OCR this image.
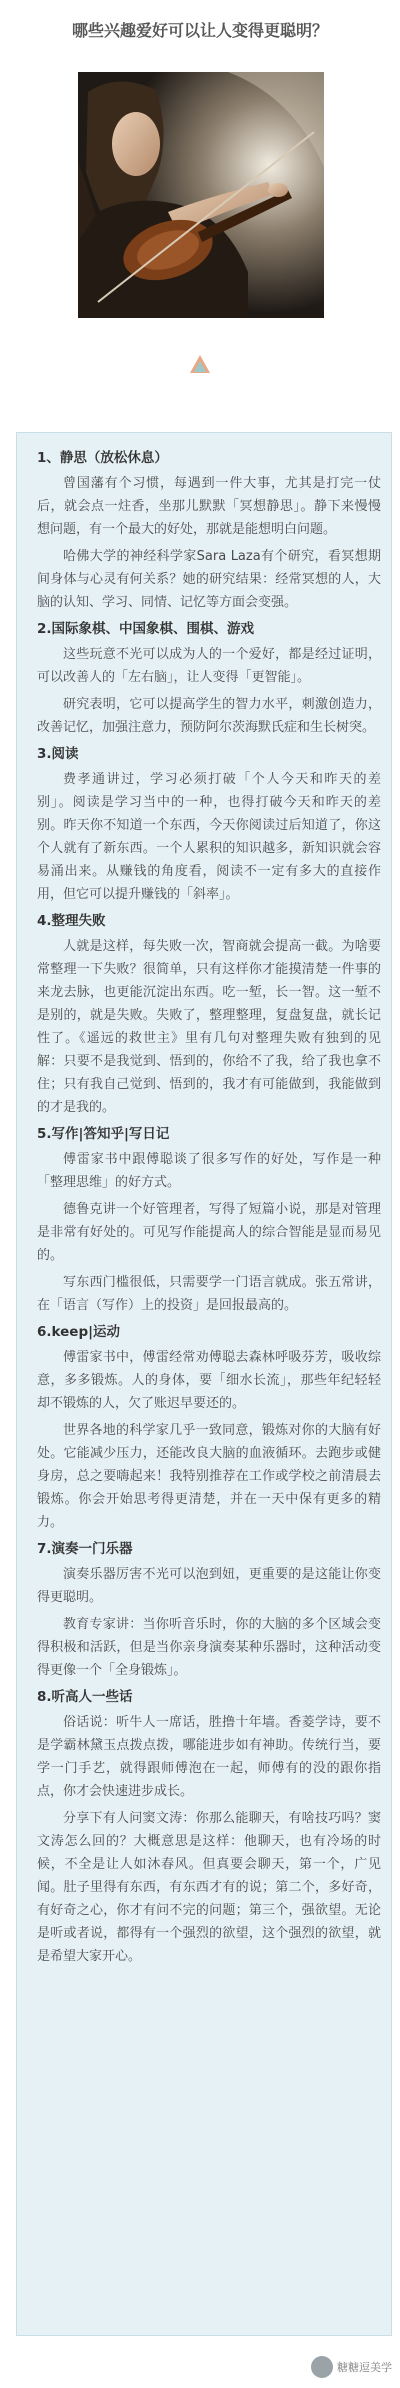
哪些兴趣爱好可以让人变得更聪明？
1、静思（放松休息）

曾国藩有个习惯，每遇到一件大事，尤其是打完一仗后，就会点一炷香，坐那儿默默「冥想静思」。静下来慢慢想问题，有一个最大的好处，那就是能想明白问题。

哈佛大学的神经科学家Sara Laza有个研究，看冥想期间身体与心灵有何关系？她的研究结果：经常冥想的人，大脑的认知、学习、同情、记忆等方面会变强。

2.国际象棋、中国象棋、围棋、游戏

这些玩意不光可以成为人的一个爱好，都是经过证明，可以改善人的「左右脑」，让人变得「更智能」。

研究表明，它可以提高学生的智力水平，刺激创造力，改善记忆，加强注意力，预防阿尔茨海默氏症和生长树突。

3.阅读

费孝通讲过，学习必须打破「个人今天和昨天的差别」。阅读是学习当中的一种，也得打破今天和昨天的差别。昨天你不知道一个东西，今天你阅读过后知道了，你这个人就有了新东西。一个人累积的知识越多，新知识就会容易涌出来。从赚钱的角度看，阅读不一定有多大的直接作用，但它可以提升赚钱的「斜率」。

4.整理失败

人就是这样，每失败一次，智商就会提高一截。为啥要常整理一下失败？很简单，只有这样你才能摸清楚一件事的来龙去脉，也更能沉淀出东西。吃一堑，长一智。这一堑不是别的，就是失败。失败了，整理整理，复盘复盘，就长记性了。《遥远的救世主》里有几句对整理失败有独到的见解：只要不是我觉到、悟到的，你给不了我，给了我也拿不住；只有我自己觉到、悟到的，我才有可能做到，我能做到的才是我的。

5.写作|答知乎|写日记

傅雷家书中跟傅聪谈了很多写作的好处，写作是一种「整理思维」的好方式。

德鲁克讲一个好管理者，写得了短篇小说，那是对管理是非常有好处的。可见写作能提高人的综合智能是显而易见的。

写东西门槛很低，只需要学一门语言就成。张五常讲，在「语言（写作）上的投资」是回报最高的。

6.keep|运动

傅雷家书中，傅雷经常劝傅聪去森林呼吸芬芳，吸收综意，多多锻炼。人的身体，要「细水长流」，那些年纪轻轻却不锻炼的人，欠了账迟早要还的。

世界各地的科学家几乎一致同意，锻炼对你的大脑有好处。它能减少压力，还能改良大脑的血液循环。去跑步或健身房，总之要嗨起来！我特别推荐在工作或学校之前清晨去锻炼。你会开始思考得更清楚，并在一天中保有更多的精力。

7.演奏一门乐器

演奏乐器厉害不光可以泡到妞，更重要的是这能让你变得更聪明。

教育专家讲：当你听音乐时，你的大脑的多个区域会变得积极和活跃，但是当你亲身演奏某种乐器时，这种活动变得更像一个「全身锻炼」。

8.听高人一些话

俗话说：听牛人一席话，胜撸十年墙。香菱学诗，要不是学霸林黛玉点拨点拨，哪能进步如有神助。传统行当，要学一门手艺，就得跟师傅泡在一起，师傅有的没的跟你指点，你才会快速进步成长。

分享下有人问窦文涛：你那么能聊天，有啥技巧吗？窦文涛怎么回的？大概意思是这样：他聊天，也有冷场的时候，不全是让人如沐春风。但真要会聊天，第一个，广见闻。肚子里得有东西，有东西才有的说；第二个，多好奇，有好奇之心，你才有问不完的问题；第三个，强欲望。无论是听或者说，都得有一个强烈的欲望，这个强烈的欲望，就是希望大家开心。

糖糖逗美学
